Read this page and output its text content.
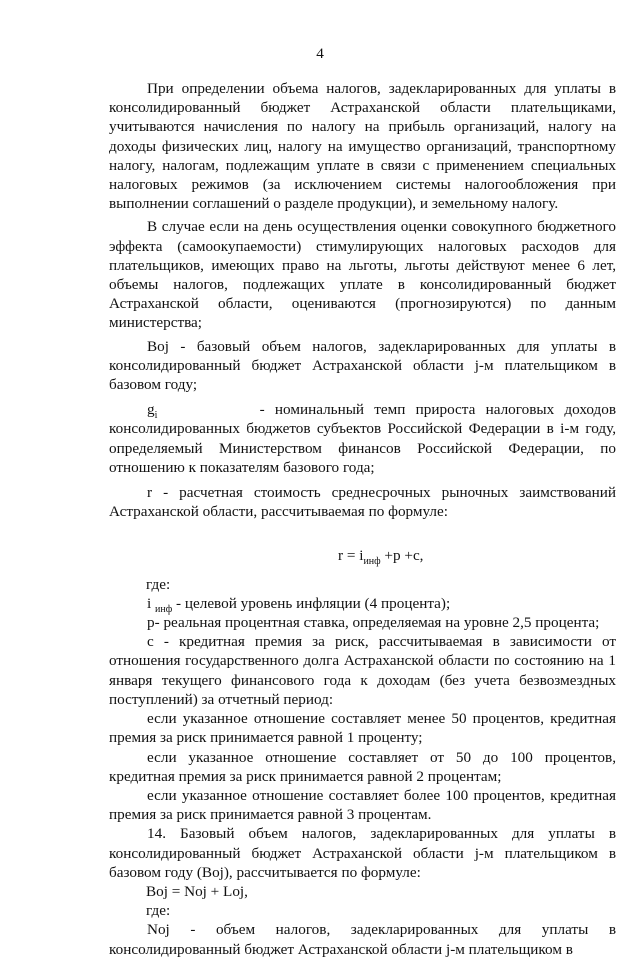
4

При определении объема налогов, задекларированных для уплаты в консолидированный бюджет Астраханской области плательщиками, учитываются начисления по налогу на прибыль организаций, налогу на доходы физических лиц, налогу на имущество организаций, транспортному налогу, налогам, подлежащим уплате в связи с применением специальных налоговых режимов (за исключением системы налогообложения при выполнении соглашений о разделе продукции), и земельному налогу.

В случае если на день осуществления оценки совокупного бюджетного эффекта (самоокупаемости) стимулирующих налоговых расходов для плательщиков, имеющих право на льготы, льготы действуют менее 6 лет, объемы налогов, подлежащих уплате в консолидированный бюджет Астраханской области, оцениваются (прогнозируются) по данным министерства;

Boj - базовый объем налогов, задекларированных для уплаты в консолидированный бюджет Астраханской области j-м плательщиком в базовом году;

$g_i$	- номинальный темп прироста налоговых доходов консолидированных бюджетов субъектов Российской Федерации в i-м году, определяемый Министерством финансов Российской Федерации, по отношению к показателям базового года;

r - расчетная стоимость среднесрочных рыночных заимствований Астраханской области, рассчитываемая по формуле:

$r = i_{инф} +p +c$,

где:

i $_{инф}$ - целевой уровень инфляции (4 процента);

р- реальная процентная ставка, определяемая на уровне 2,5 процента;

с - кредитная премия за риск, рассчитываемая в зависимости от отношения государственного долга Астраханской области по состоянию на 1 января текущего финансового года к доходам (без учета безвозмездных поступлений) за отчетный период:

если указанное отношение составляет менее 50 процентов, кредитная премия за риск принимается равной 1 проценту;

если указанное отношение составляет от 50 до 100 процентов, кредитная премия за риск принимается равной 2 процентам;

если указанное отношение составляет более 100 процентов, кредитная премия за риск принимается равной 3 процентам.

14. Базовый объем налогов, задекларированных для уплаты в консолидированный бюджет Астраханской области j-м плательщиком в базовом году (Boj), рассчитывается по формуле:

Boj = Noj + Loj,

где:

Noj - объем налогов, задекларированных для уплаты в консолидированный бюджет Астраханской области j-м плательщиком в
